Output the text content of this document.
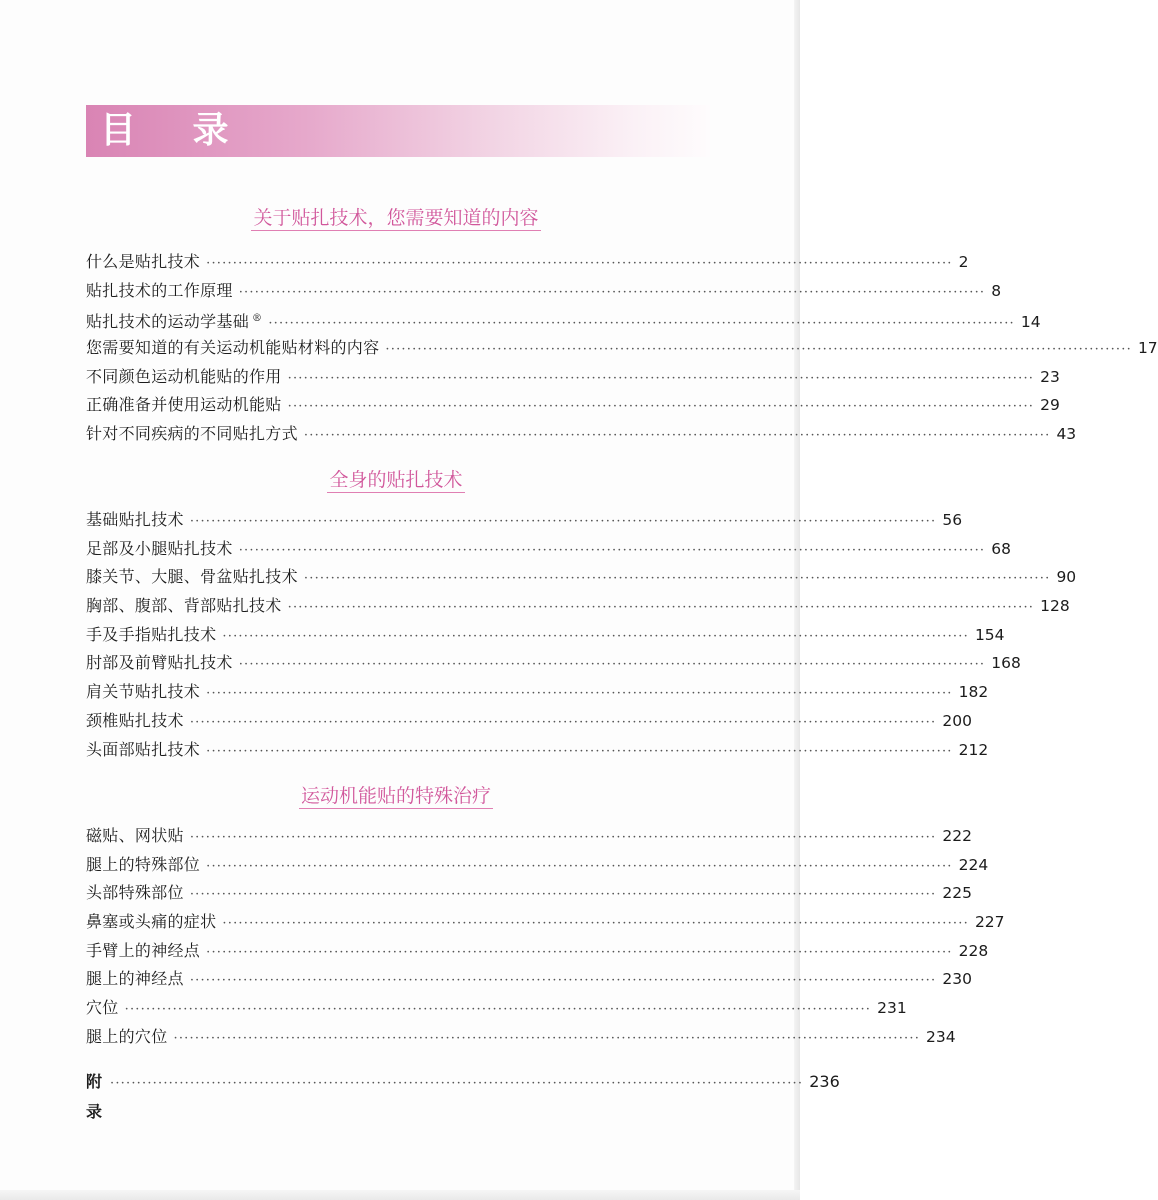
目 录
关于贴扎技术，您需要知道的内容
什么是贴扎技术 ············································································································································ 2
贴扎技术的工作原理 ············································································································································ 8
贴扎技术的运动学基础 ® ············································································································································ 14
您需要知道的有关运动机能贴材料的内容 ············································································································································ 17
不同颜色运动机能贴的作用 ············································································································································ 23
正确准备并使用运动机能贴 ············································································································································ 29
针对不同疾病的不同贴扎方式 ············································································································································ 43
全身的贴扎技术
基础贴扎技术 ············································································································································ 56
足部及小腿贴扎技术 ············································································································································ 68
膝关节、大腿、骨盆贴扎技术 ············································································································································ 90
胸部、腹部、背部贴扎技术 ············································································································································ 128
手及手指贴扎技术 ············································································································································ 154
肘部及前臂贴扎技术 ············································································································································ 168
肩关节贴扎技术 ············································································································································ 182
颈椎贴扎技术 ············································································································································ 200
头面部贴扎技术 ············································································································································ 212
运动机能贴的特殊治疗
磁贴、网状贴 ············································································································································ 222
腿上的特殊部位 ············································································································································ 224
头部特殊部位 ············································································································································ 225
鼻塞或头痛的症状 ············································································································································ 227
手臂上的神经点 ············································································································································ 228
腿上的神经点 ············································································································································ 230
穴位 ············································································································································ 231
腿上的穴位 ············································································································································ 234
附录
·································································································································· 236
